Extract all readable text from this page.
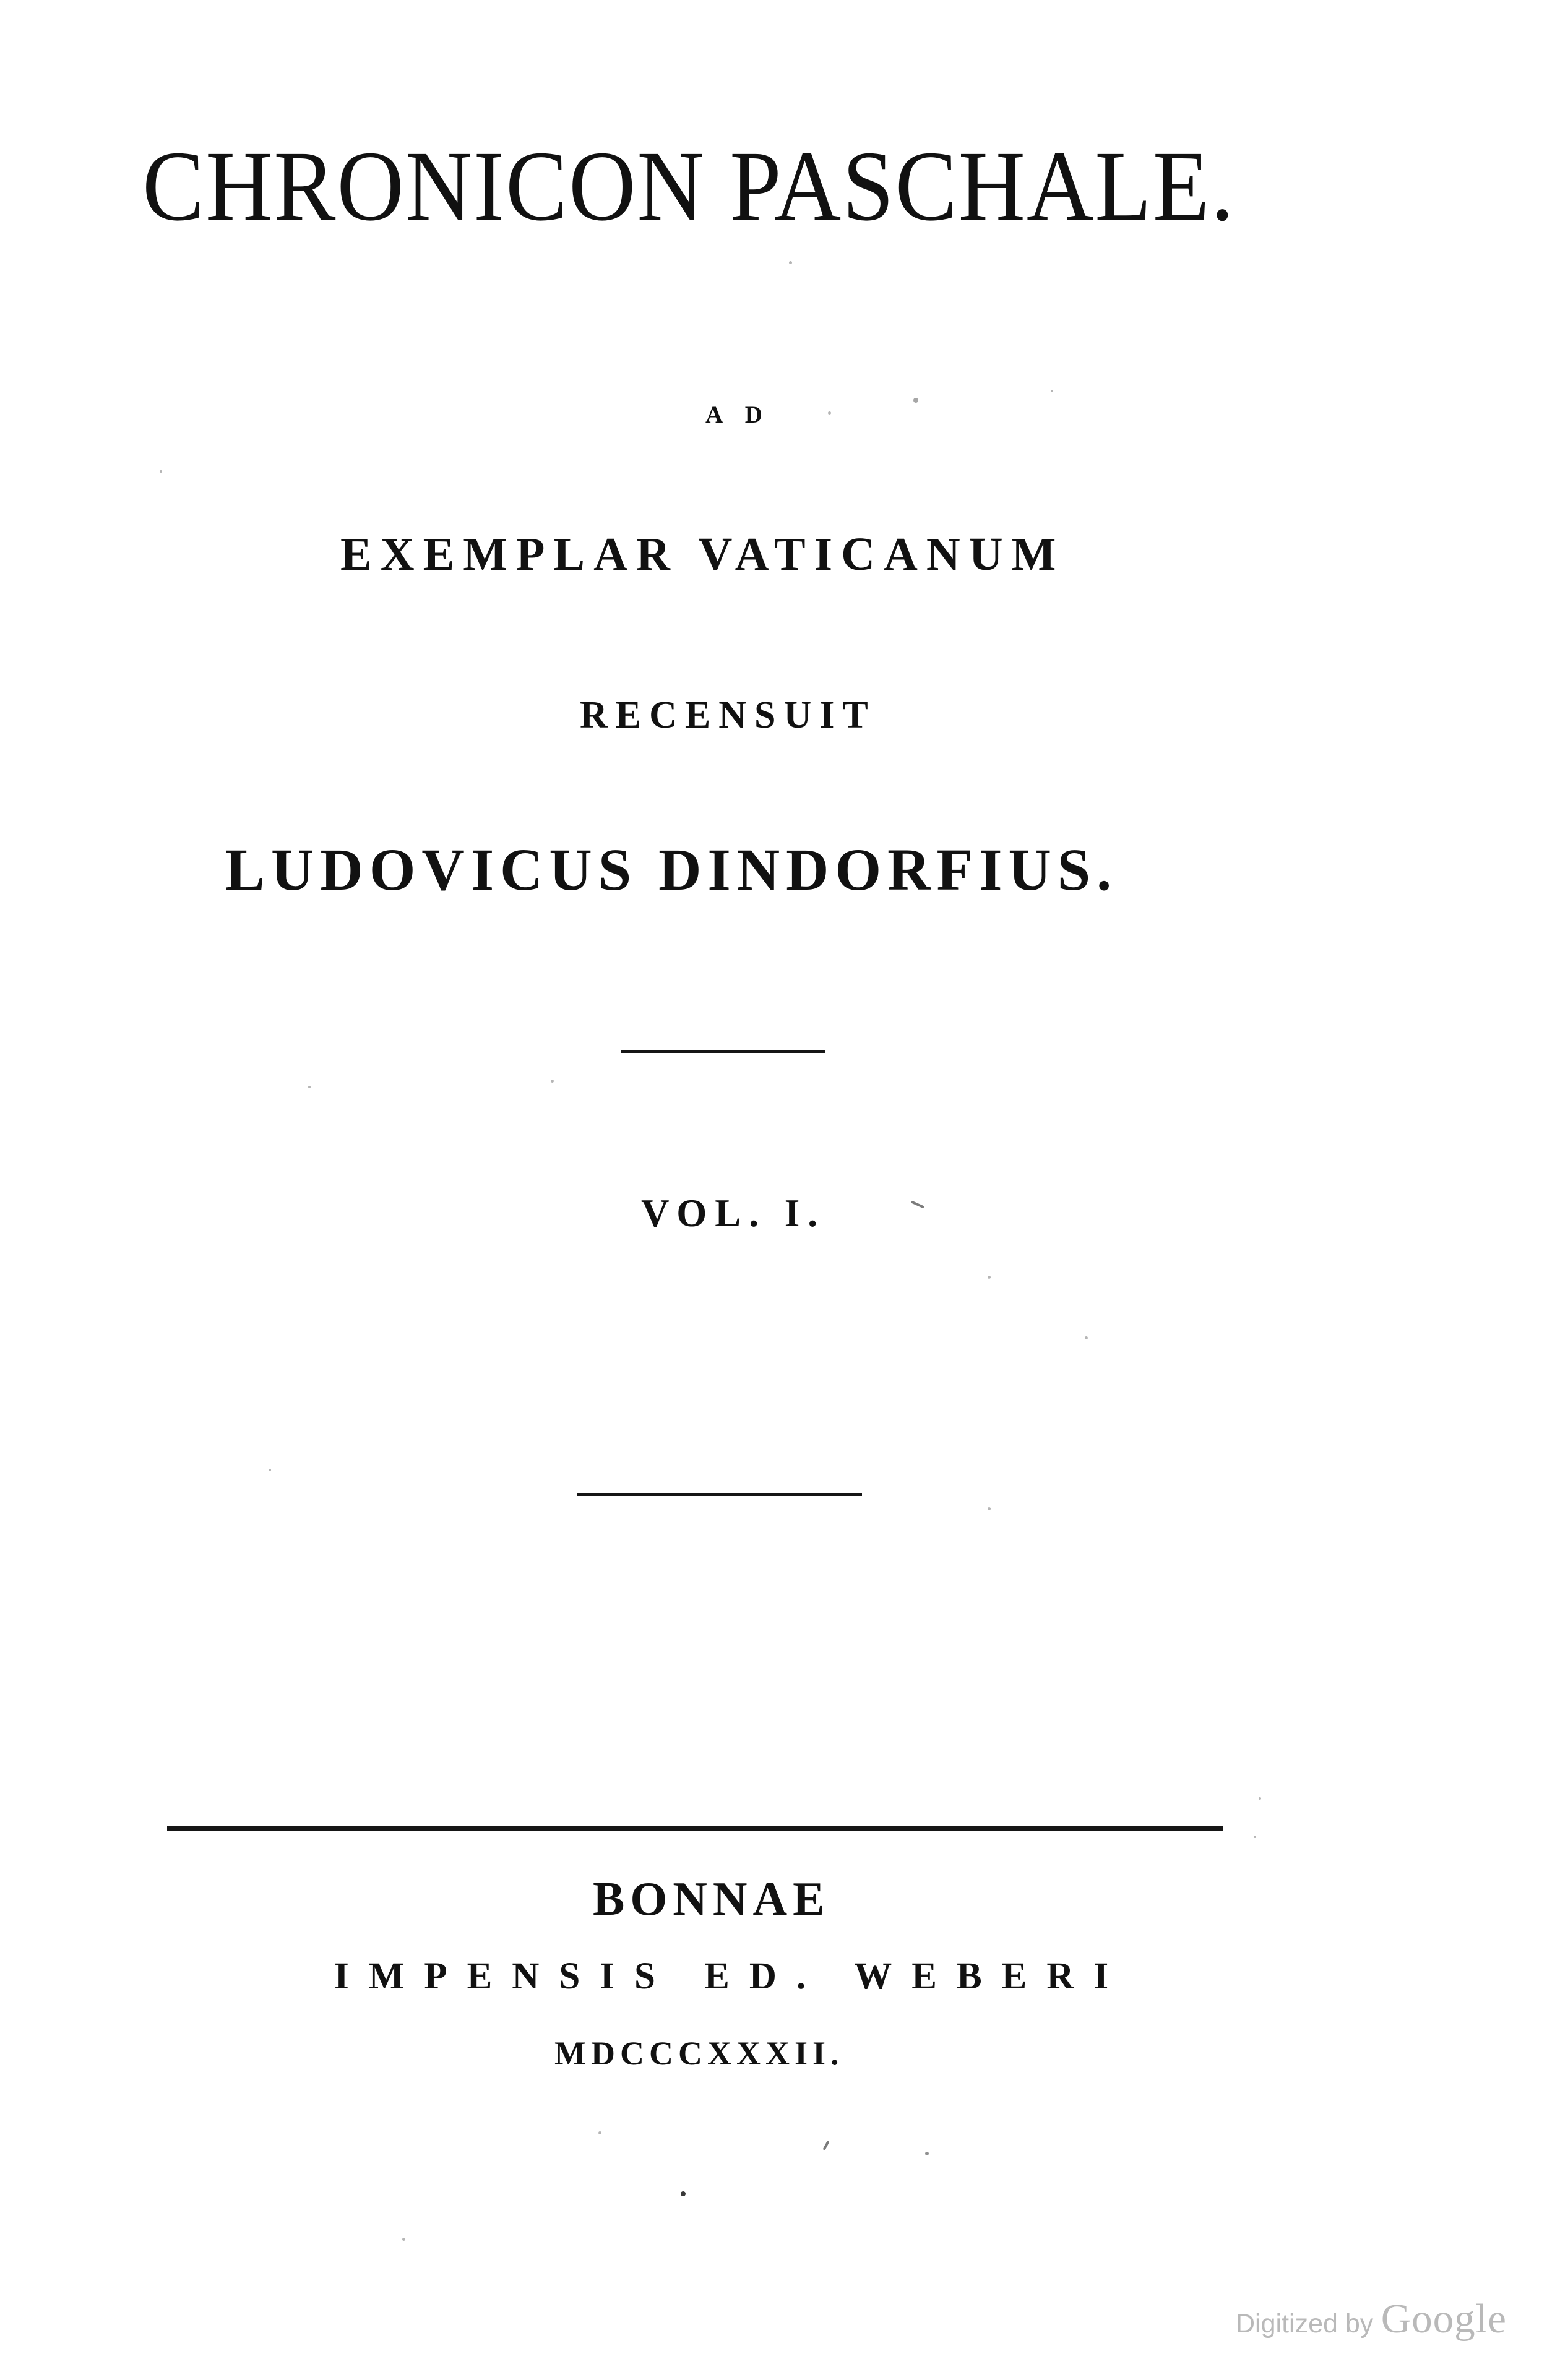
CHRONICON PASCHALE.
A D
EXEMPLAR VATICANUM
RECENSUIT
LUDOVICUS DINDORFIUS.
VOL. I.
BONNAE
IMPENSIS ED. WEBERI
MDCCCXXXII.
Digitized by Google
